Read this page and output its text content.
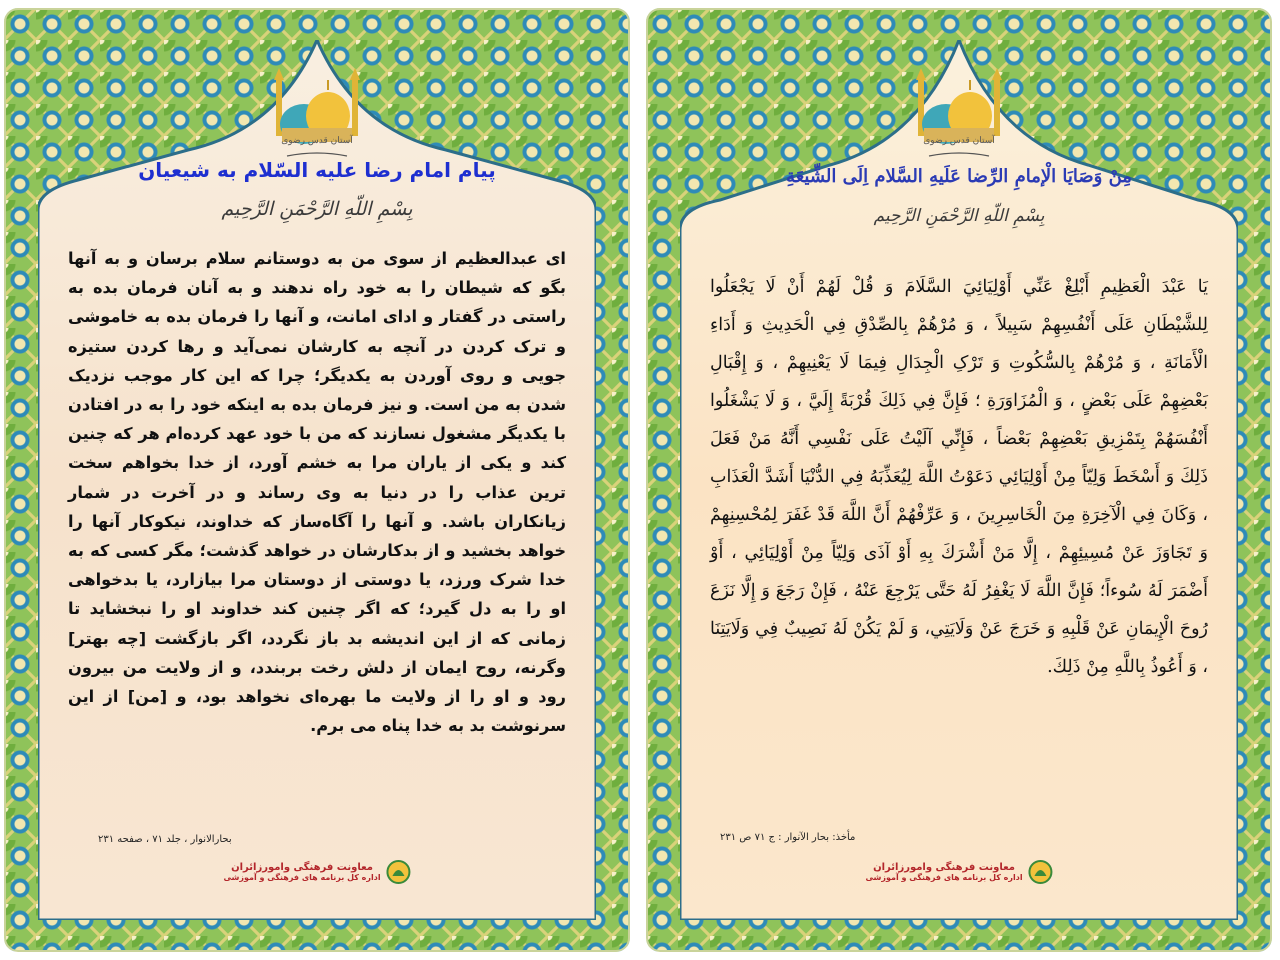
آستان قدس رضوی
پیام امام رضا عليه السّلام به شیعیان
بِسْمِ اللّهِ الرَّحْمَنِ الرَّحِيم

ای عبدالعظیم از سوی من به دوستانم سلام برسان و به آنها بگو که شیطان را به خود راه ندهند و به آنان فرمان بده به راستی در گفتار و ادای امانت، و آنها را فرمان بده به خاموشی و ترک کردن در آنچه به کارشان نمی‌آید و رها کردن ستیزه جویی و روی آوردن به یکدیگر؛ چرا که این کار موجب نزدیک شدن به من است. و نیز فرمان بده به اینکه خود را به در افتادن با یکدیگر مشغول نسازند که من با خود عهد کرده‌ام هر که چنین کند و یکی از یاران مرا به خشم آورد، از خدا بخواهم سخت ترین عذاب را در دنیا به وی رساند و در آخرت در شمار زیانکاران باشد. و آنها را آگاه‌ساز که خداوند، نیکوکار آنها را خواهد بخشید و از بدکارشان در خواهد گذشت؛ مگر کسی که به خدا شرک ورزد، یا دوستی از دوستان مرا بیازارد، یا بدخواهی او را به دل گیرد؛ که اگر چنین کند خداوند او را نبخشاید تا زمانی که از این اندیشه بد باز نگردد، اگر بازگشت [چه بهتر] وگرنه، روح ایمان از دلش رخت بربندد، و از ولایت من بیرون رود و او را از ولایت ما بهره‌ای نخواهد بود، و [من] از این سرنوشت بد به خدا پناه می برم.

بحارالانوار ، جلد ۷۱ ، صفحه ۲۳۱
معاونت فرهنگی وامورزائران
اداره کل برنامه های فرهنگی و آموزشی
آستان قدس رضوی
مِنْ وَصَايَا الْإمامِ الرِّضا عَلَيهِ السَّلام اِلَى الشِّيعَةِ
بِسْمِ اللّهِ الرَّحْمَنِ الرَّحِيم

يَا عَبْدَ الْعَظِيمِ أَبْلِغْ عَنِّي أَوْلِيَائِيَ السَّلَامَ وَ قُلْ لَهُمْ أَنْ لَا يَجْعَلُوا لِلشَّيْطَانِ عَلَى أَنْفُسِهِمْ سَبِيلاً ، وَ مُرْهُمْ بِالصِّدْقِ فِي الْحَدِيثِ وَ أَدَاءِ الْأَمَانَةِ ، وَ مُرْهُمْ بِالسُّكُوتِ وَ تَرْکِ الْجِدَالِ فِيمَا لَا يَعْنِيهِمْ ، وَ إِقْبَالِ بَعْضِهِمْ عَلَى بَعْضٍ ، وَ الْمُزَاوَرَةِ ؛ فَإِنَّ فِي ذَلِكَ قُرْبَةً إِلَيَّ ، وَ لَا يَشْغَلُوا أَنْفُسَهُمْ بِتَمْزِيقِ بَعْضِهِمْ بَعْضاً ، فَإِنِّي آلَيْتُ عَلَى نَفْسِي أَنَّهُ مَنْ فَعَلَ ذَلِكَ وَ أَسْخَطَ وَلِيّاً مِنْ أَوْلِيَائِي دَعَوْتُ اللَّهَ لِيُعَذِّبَهُ فِي الدُّنْيَا أَشَدَّ الْعَذَابِ ، وَكَانَ فِي الْآخِرَةِ مِنَ الْخَاسِرِينَ ، وَ عَرِّفْهُمْ أَنَّ اللَّهَ قَدْ غَفَرَ لِمُحْسِنِهِمْ وَ تَجَاوَزَ عَنْ مُسِيئِهِمْ ، إِلَّا مَنْ أَشْرَكَ بِهِ أَوْ آذَى وَلِيّاً مِنْ أَوْلِيَائِي ، أَوْ أَضْمَرَ لَهُ سُوءاً؛ فَإِنَّ اللَّهَ لَا يَغْفِرُ لَهُ حَتَّى يَرْجِعَ عَنْهُ ، فَإِنْ رَجَعَ وَ إِلَّا نَزَعَ رُوحَ الْإِيمَانِ عَنْ قَلْبِهِ وَ خَرَجَ عَنْ وَلَايَتِي، وَ لَمْ يَكُنْ لَهُ نَصِيبٌ فِي وَلَايَتِنَا ، وَ أَعُوذُ بِاللَّهِ مِنْ ذَلِكَ.

مأخذ: بحار الآنوار : ج ۷۱ ص ۲۳۱
معاونت فرهنگی وامورزائران
اداره کل برنامه های فرهنگی و آموزشی
